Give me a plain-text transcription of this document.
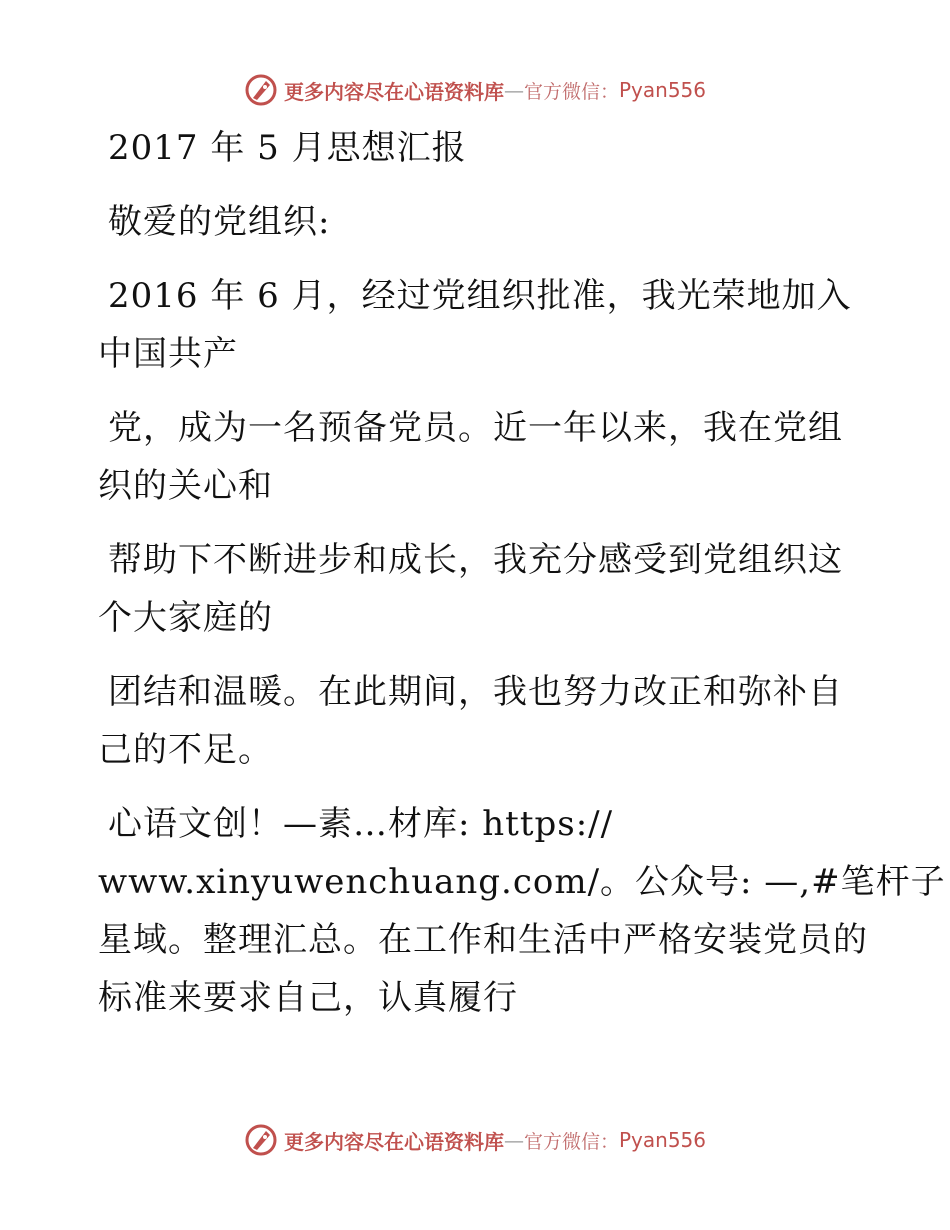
更多内容尽在心语资料库 — 官方微信： Pyan556
2017 年 5 月思想汇报
敬爱的党组织:
2016 年 6 月，经过党组织批准，我光荣地加入
中国共产
党，成为一名预备党员。近一年以来，我在党组
织的关心和
帮助下不断进步和成长，我充分感受到党组织这
个大家庭的
团结和温暖。在此期间，我也努力改正和弥补自
己的不足。
心语文创！—素…材库: https://
www.xinyuwenchuang.com/。公众号: —,#笔杆子
星域。整理汇总。在工作和生活中严格安装党员的
标准来要求自己，认真履行
更多内容尽在心语资料库 — 官方微信： Pyan556
